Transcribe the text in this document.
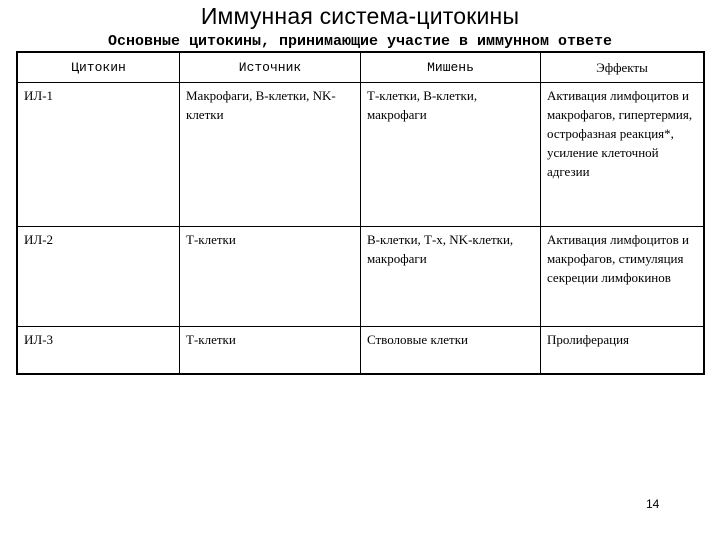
Иммунная система-цитокины
Основные цитокины, принимающие участие в иммунном ответе
Цитокин	Источник	Мишень	Эффекты
ИЛ-1	Макрофаги, В-клетки, NK-клетки	Т-клетки, В-клетки, макрофаги	Активация лимфоцитов и макрофагов, гипертермия, острофазная реакция*, усиление клеточной адгезии
ИЛ-2	Т-клетки	В-клетки, Т-х, NK-клетки, макрофаги	Активация лимфоцитов и макрофагов, стимуляция секреции лимфокинов
ИЛ-3	Т-клетки	Стволовые клетки	Пролиферация
14
